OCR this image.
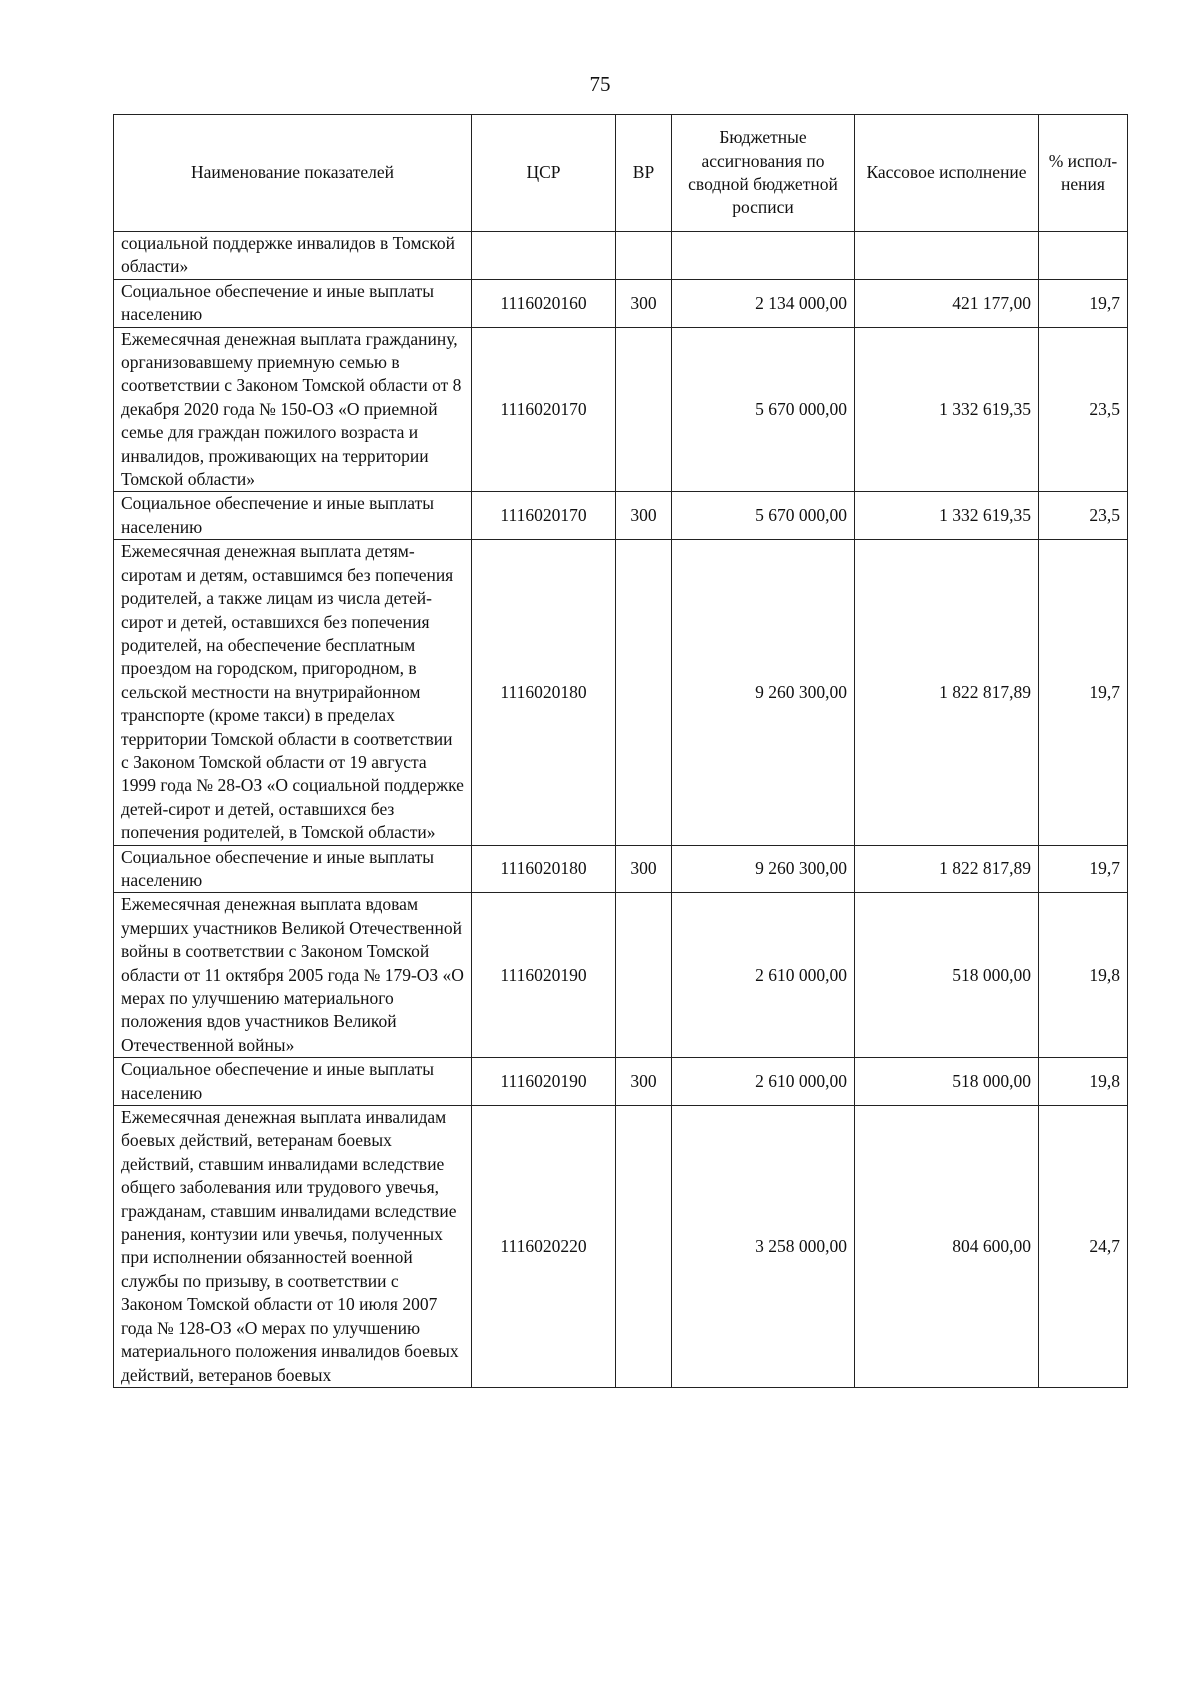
75
Наименование показателей	ЦСР	ВР	Бюджетные ассигнования по сводной бюджетной росписи	Кассовое исполнение	% испол-нения
социальной поддержке инвалидов в Томской области»					
Социальное обеспечение и иные выплаты населению	1116020160	300	2 134 000,00	421 177,00	19,7
Ежемесячная денежная выплата гражданину, организовавшему приемную семью в соответствии с Законом Томской области от 8 декабря 2020 года № 150-ОЗ «О приемной семье для граждан пожилого возраста и инвалидов, проживающих на территории Томской области»	1116020170		5 670 000,00	1 332 619,35	23,5
Социальное обеспечение и иные выплаты населению	1116020170	300	5 670 000,00	1 332 619,35	23,5
Ежемесячная денежная выплата детям-сиротам и детям, оставшимся без попечения родителей, а также лицам из числа детей-сирот и детей, оставшихся без попечения родителей, на обеспечение бесплатным проездом на городском, пригородном, в сельской местности на внутрирайонном транспорте (кроме такси) в пределах территории Томской области в соответствии с Законом Томской области от 19 августа 1999 года № 28-ОЗ «О социальной поддержке детей-сирот и детей, оставшихся без попечения родителей, в Томской области»	1116020180		9 260 300,00	1 822 817,89	19,7
Социальное обеспечение и иные выплаты населению	1116020180	300	9 260 300,00	1 822 817,89	19,7
Ежемесячная денежная выплата вдовам умерших участников Великой Отечественной войны в соответствии с Законом Томской области от 11 октября 2005 года № 179-ОЗ «О мерах по улучшению материального положения вдов участников Великой Отечественной войны»	1116020190		2 610 000,00	518 000,00	19,8
Социальное обеспечение и иные выплаты населению	1116020190	300	2 610 000,00	518 000,00	19,8
Ежемесячная денежная выплата инвалидам боевых действий, ветеранам боевых действий, ставшим инвалидами вследствие общего заболевания или трудового увечья, гражданам, ставшим инвалидами вследствие ранения, контузии или увечья, полученных при исполнении обязанностей военной службы по призыву, в соответствии с Законом Томской области от 10 июля 2007 года № 128-ОЗ «О мерах по улучшению материального положения инвалидов боевых действий, ветеранов боевых	1116020220		3 258 000,00	804 600,00	24,7
